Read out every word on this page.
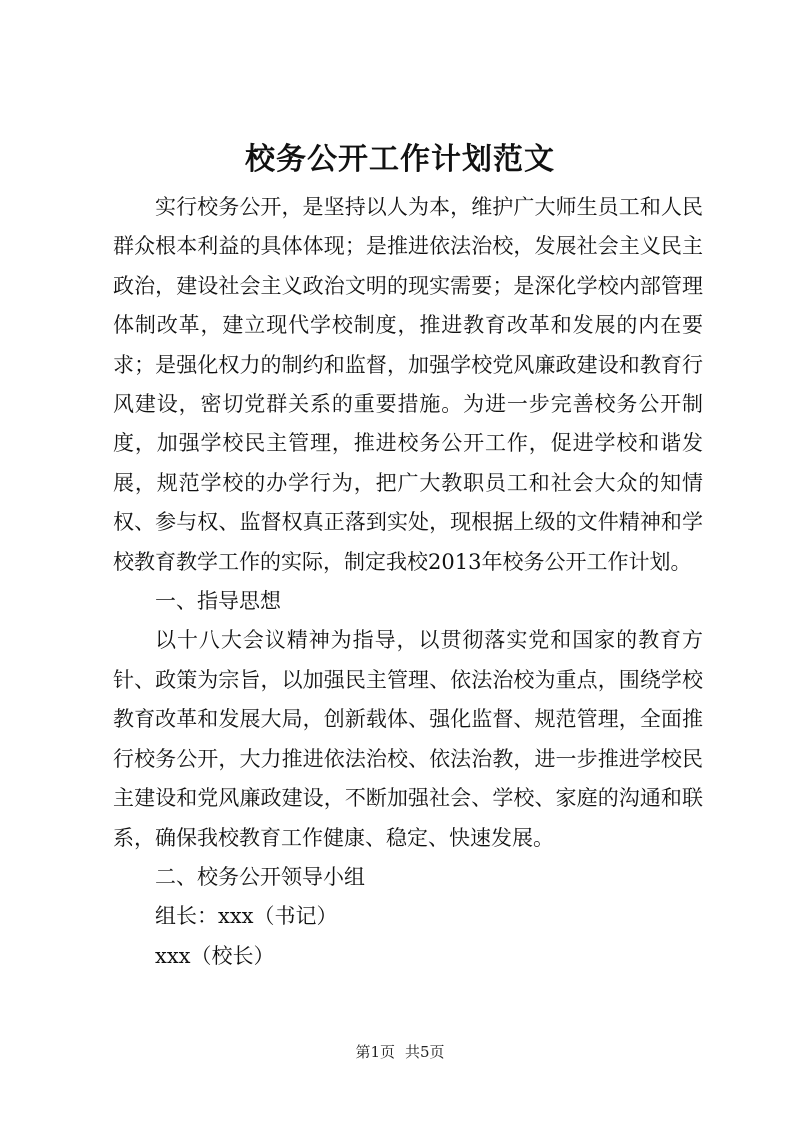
校务公开工作计划范文

实行校务公开，是坚持以人为本，维护广大师生员工和人民群众根本利益的具体体现；是推进依法治校，发展社会主义民主政治，建设社会主义政治文明的现实需要；是深化学校内部管理体制改革，建立现代学校制度，推进教育改革和发展的内在要求；是强化权力的制约和监督，加强学校党风廉政建设和教育行风建设，密切党群关系的重要措施。为进一步完善校务公开制度，加强学校民主管理，推进校务公开工作，促进学校和谐发展，规范学校的办学行为，把广大教职员工和社会大众的知情权、参与权、监督权真正落到实处，现根据上级的文件精神和学校教育教学工作的实际，制定我校2013年校务公开工作计划。

一、指导思想

以十八大会议精神为指导，以贯彻落实党和国家的教育方针、政策为宗旨，以加强民主管理、依法治校为重点，围绕学校教育改革和发展大局，创新载体、强化监督、规范管理，全面推行校务公开，大力推进依法治校、依法治教，进一步推进学校民主建设和党风廉政建设，不断加强社会、学校、家庭的沟通和联系，确保我校教育工作健康、稳定、快速发展。

二、校务公开领导小组

组长：xxx（书记）

xxx（校长）

第1页 共5页
